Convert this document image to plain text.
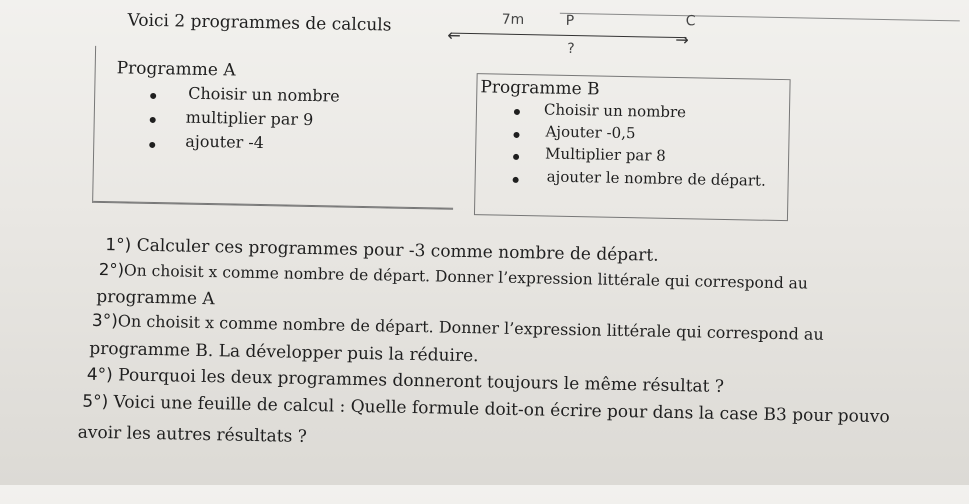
Voici 2 programmes de calculs	←	→
7m	P	C
?
Programme A
Choisir un nombre
multiplier par 9
ajouter -4
Programme B
Choisir un nombre
Ajouter -0,5
Multiplier par 8
ajouter le nombre de départ.
1°) Calculer ces programmes pour -3 comme nombre de départ.
2°)On choisit x comme nombre de départ. Donner l’expression littérale qui correspond au
programme A
3°)On choisit x comme nombre de départ. Donner l’expression littérale qui correspond au
programme B. La développer puis la réduire.
4°) Pourquoi les deux programmes donneront toujours le même résultat ?
5°) Voici une feuille de calcul : Quelle formule doit-on écrire pour dans la case B3 pour pouvo
avoir les autres résultats ?
